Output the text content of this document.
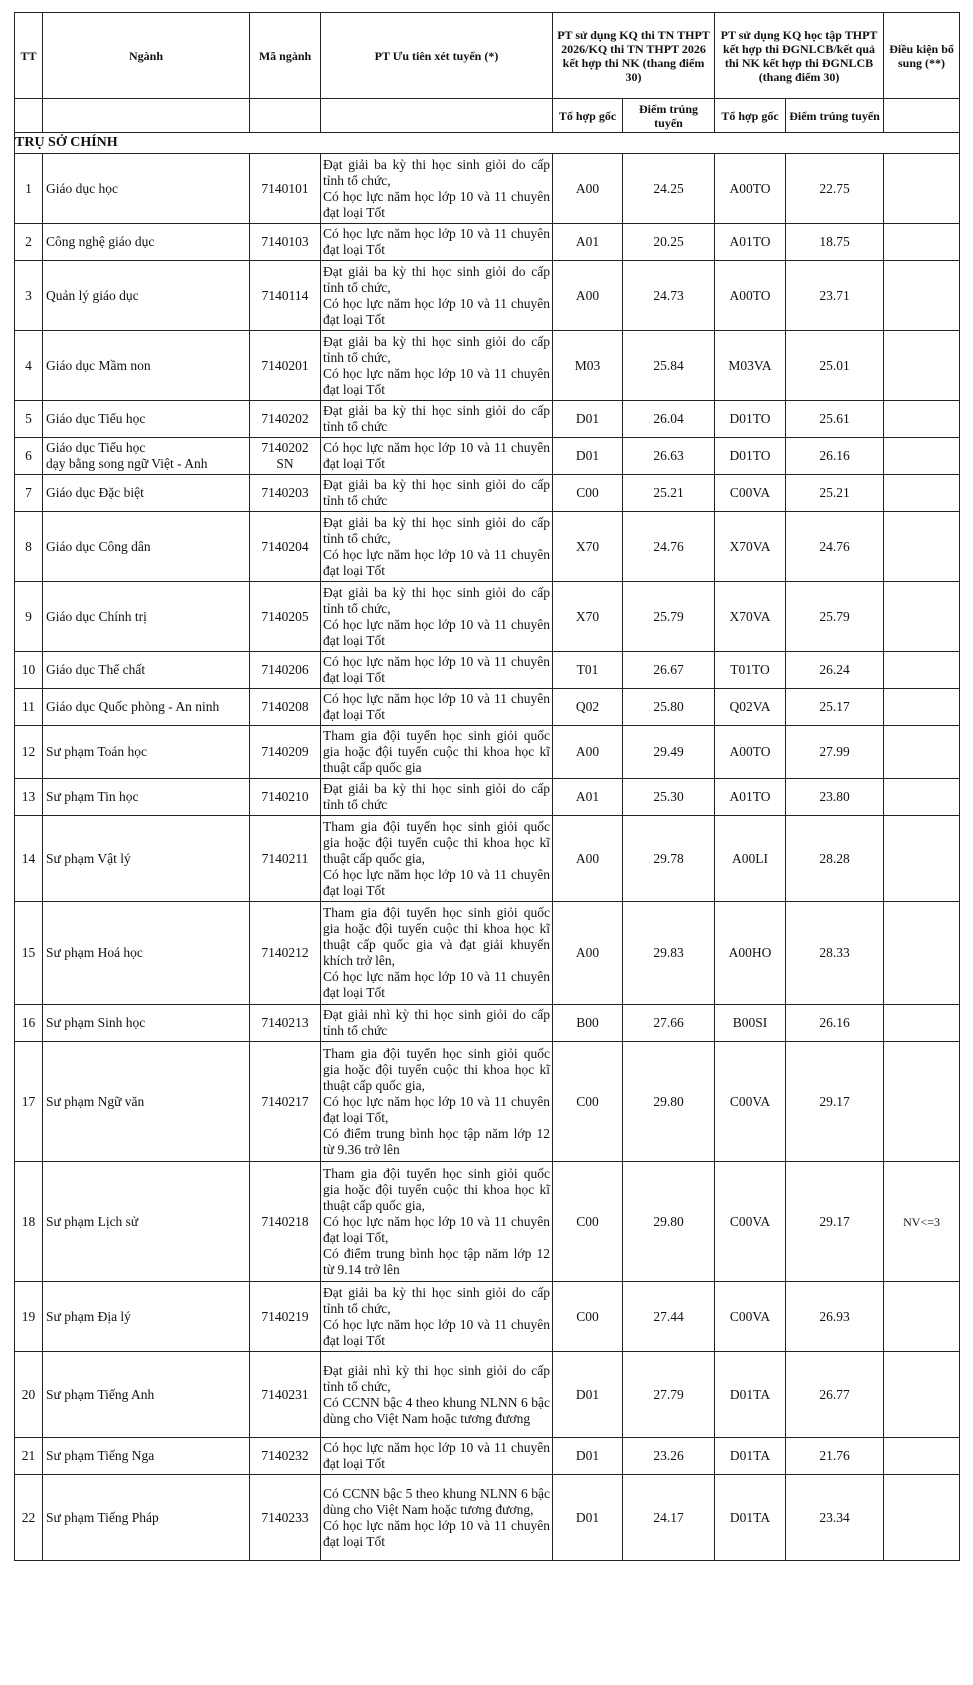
TT	Ngành	Mã ngành	PT Ưu tiên xét tuyển (*)	PT sử dụng KQ thi TN THPT 2026/KQ thi TN THPT 2026 kết hợp thi NK (thang điểm 30)		PT sử dụng KQ học tập THPT kết hợp thi ĐGNLCB/kết quả thi NK kết hợp thi ĐGNLCB (thang điểm 30)		Điều kiện bổ sung (**)
				Tổ hợp gốc	Điểm trúng tuyển	Tổ hợp gốc	Điểm trúng tuyển	
TRỤ SỞ CHÍNH								
1	Giáo dục học	7140101	Đạt giải ba kỳ thi học sinh giỏi do cấp tỉnh tổ chức,
Có học lực năm học lớp 10 và 11 chuyên đạt loại Tốt	A00	24.25	A00TO	22.75	
2	Công nghệ giáo dục	7140103	Có học lực năm học lớp 10 và 11 chuyên đạt loại Tốt	A01	20.25	A01TO	18.75	
3	Quản lý giáo dục	7140114	Đạt giải ba kỳ thi học sinh giỏi do cấp tỉnh tổ chức,
Có học lực năm học lớp 10 và 11 chuyên đạt loại Tốt	A00	24.73	A00TO	23.71	
4	Giáo dục Mầm non	7140201	Đạt giải ba kỳ thi học sinh giỏi do cấp tỉnh tổ chức,
Có học lực năm học lớp 10 và 11 chuyên đạt loại Tốt	M03	25.84	M03VA	25.01	
5	Giáo dục Tiểu học	7140202	Đạt giải ba kỳ thi học sinh giỏi do cấp tỉnh tổ chức	D01	26.04	D01TO	25.61	
6	Giáo dục Tiểu học
dạy bằng song ngữ Việt - Anh	7140202
SN	Có học lực năm học lớp 10 và 11 chuyên đạt loại Tốt	D01	26.63	D01TO	26.16	
7	Giáo dục Đặc biệt	7140203	Đạt giải ba kỳ thi học sinh giỏi do cấp tỉnh tổ chức	C00	25.21	C00VA	25.21	
8	Giáo dục Công dân	7140204	Đạt giải ba kỳ thi học sinh giỏi do cấp tỉnh tổ chức,
Có học lực năm học lớp 10 và 11 chuyên đạt loại Tốt	X70	24.76	X70VA	24.76	
9	Giáo dục Chính trị	7140205	Đạt giải ba kỳ thi học sinh giỏi do cấp tỉnh tổ chức,
Có học lực năm học lớp 10 và 11 chuyên đạt loại Tốt	X70	25.79	X70VA	25.79	
10	Giáo dục Thể chất	7140206	Có học lực năm học lớp 10 và 11 chuyên đạt loại Tốt	T01	26.67	T01TO	26.24	
11	Giáo dục Quốc phòng - An ninh	7140208	Có học lực năm học lớp 10 và 11 chuyên đạt loại Tốt	Q02	25.80	Q02VA	25.17	
12	Sư phạm Toán học	7140209	Tham gia đội tuyển học sinh giỏi quốc gia hoặc đội tuyển cuộc thi khoa học kĩ thuật cấp quốc gia	A00	29.49	A00TO	27.99	
13	Sư phạm Tin học	7140210	Đạt giải ba kỳ thi học sinh giỏi do cấp tỉnh tổ chức	A01	25.30	A01TO	23.80	
14	Sư phạm Vật lý	7140211	Tham gia đội tuyển học sinh giỏi quốc gia hoặc đội tuyển cuộc thi khoa học kĩ thuật cấp quốc gia,
Có học lực năm học lớp 10 và 11 chuyên đạt loại Tốt	A00	29.78	A00LI	28.28	
15	Sư phạm Hoá học	7140212	Tham gia đội tuyển học sinh giỏi quốc gia hoặc đội tuyển cuộc thi khoa học kĩ thuật cấp quốc gia và đạt giải khuyến khích trở lên,
Có học lực năm học lớp 10 và 11 chuyên đạt loại Tốt	A00	29.83	A00HO	28.33	
16	Sư phạm Sinh học	7140213	Đạt giải nhì kỳ thi học sinh giỏi do cấp tỉnh tổ chức	B00	27.66	B00SI	26.16	
17	Sư phạm Ngữ văn	7140217	Tham gia đội tuyển học sinh giỏi quốc gia hoặc đội tuyển cuộc thi khoa học kĩ thuật cấp quốc gia,
Có học lực năm học lớp 10 và 11 chuyên đạt loại Tốt,
Có điểm trung bình học tập năm lớp 12 từ 9.36 trở lên	C00	29.80	C00VA	29.17	
18	Sư phạm Lịch sử	7140218	Tham gia đội tuyển học sinh giỏi quốc gia hoặc đội tuyển cuộc thi khoa học kĩ thuật cấp quốc gia,
Có học lực năm học lớp 10 và 11 chuyên đạt loại Tốt,
Có điểm trung bình học tập năm lớp 12 từ 9.14 trở lên	C00	29.80	C00VA	29.17	NV<=3
19	Sư phạm Địa lý	7140219	Đạt giải ba kỳ thi học sinh giỏi do cấp tỉnh tổ chức,
Có học lực năm học lớp 10 và 11 chuyên đạt loại Tốt	C00	27.44	C00VA	26.93	
20	Sư phạm Tiếng Anh	7140231	Đạt giải nhì kỳ thi học sinh giỏi do cấp tỉnh tổ chức,
Có CCNN bậc 4 theo khung NLNN 6 bậc dùng cho Việt Nam hoặc tương đương	D01	27.79	D01TA	26.77	
21	Sư phạm Tiếng Nga	7140232	Có học lực năm học lớp 10 và 11 chuyên đạt loại Tốt	D01	23.26	D01TA	21.76	
22	Sư phạm Tiếng Pháp	7140233	Có CCNN bậc 5 theo khung NLNN 6 bậc dùng cho Việt Nam hoặc tương đương,
Có học lực năm học lớp 10 và 11 chuyên đạt loại Tốt	D01	24.17	D01TA	23.34	
